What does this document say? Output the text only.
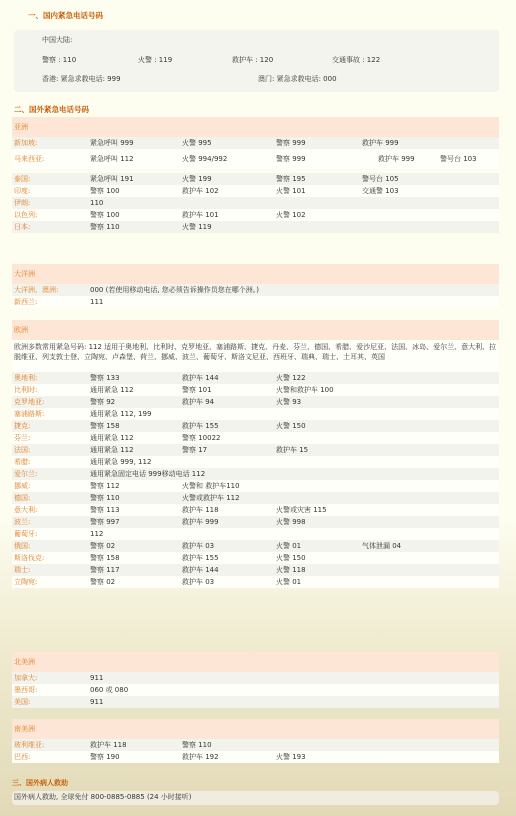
一、国内紧急电话号码
中国大陆:
警察 : 110	火警 : 119	救护车 : 120	交通事故 : 122
香港: 紧急求救电话: 999	澳门: 紧急求救电话: 000
二、国外紧急电话号码
亚洲
新加坡:	紧急呼叫 999	火警 995	警察 999	救护车 999
马来西亚:	紧急呼叫 112	火警 994/992	警察 999	救护车 999	警号台 103
泰国:	紧急呼叫 191	火警 199	警察 195	警号台 105
印度:	警察 100	救护车 102	火警 101	交通警 103
伊朗:	110
以色列:	警察 100	救护车 101	火警 102
日本:	警察 110	火警 119
大洋洲
大洋洲、澳洲:	000 (若使用移动电话, 您必须告诉操作员您在哪个洲。)
新西兰:	111
欧洲
欧洲多数常用紧急号码: 112 适用于奥地利、比利时、克罗地亚、塞浦路斯、捷克、丹麦、芬兰、德国、希腊、爱沙尼亚、法国、冰岛、爱尔兰、意大利、拉脱维亚、列支敦士登、立陶宛、卢森堡、荷兰、挪威、波兰、葡萄牙、斯洛文尼亚、西班牙、瑞典、瑞士、土耳其、英国
奥地利:	警察 133	救护车 144	火警 122
比利时:	通用紧急 112	警察 101	火警和救护车 100
克罗地亚:	警察 92	救护车 94	火警 93
塞浦路斯:	通用紧急 112, 199
捷克:	警察 158	救护车 155	火警 150
芬兰:	通用紧急 112	警察 10022
法国:	通用紧急 112	警察 17	救护车 15
希腊:	通用紧急 999, 112
爱尔兰:	通用紧急固定电话 999移动电话 112
挪威:	警察 112	火警和 救护车110
德国:	警察 110	火警或救护车 112
意大利:	警察 113	救护车 118	火警或灾害 115
波兰:	警察 997	救护车 999	火警 998
葡萄牙:	112
俄国:	警察 02	救护车 03	火警 01	气体泄漏 04
斯洛伐克:	警察 158	救护车 155	火警 150
瑞士:	警察 117	救护车 144	火警 118
立陶宛:	警察 02	救护车 03	火警 01
北美洲
加拿大:	911
墨西哥:	060 或 080
美国:	911
南美洲
玻利维亚:	救护车 118	警察 110
巴西:	警察 190	救护车 192	火警 193
三、国外病人救助
国外病人救助, 全球免付 800-0885-0885 (24 小时接听)
